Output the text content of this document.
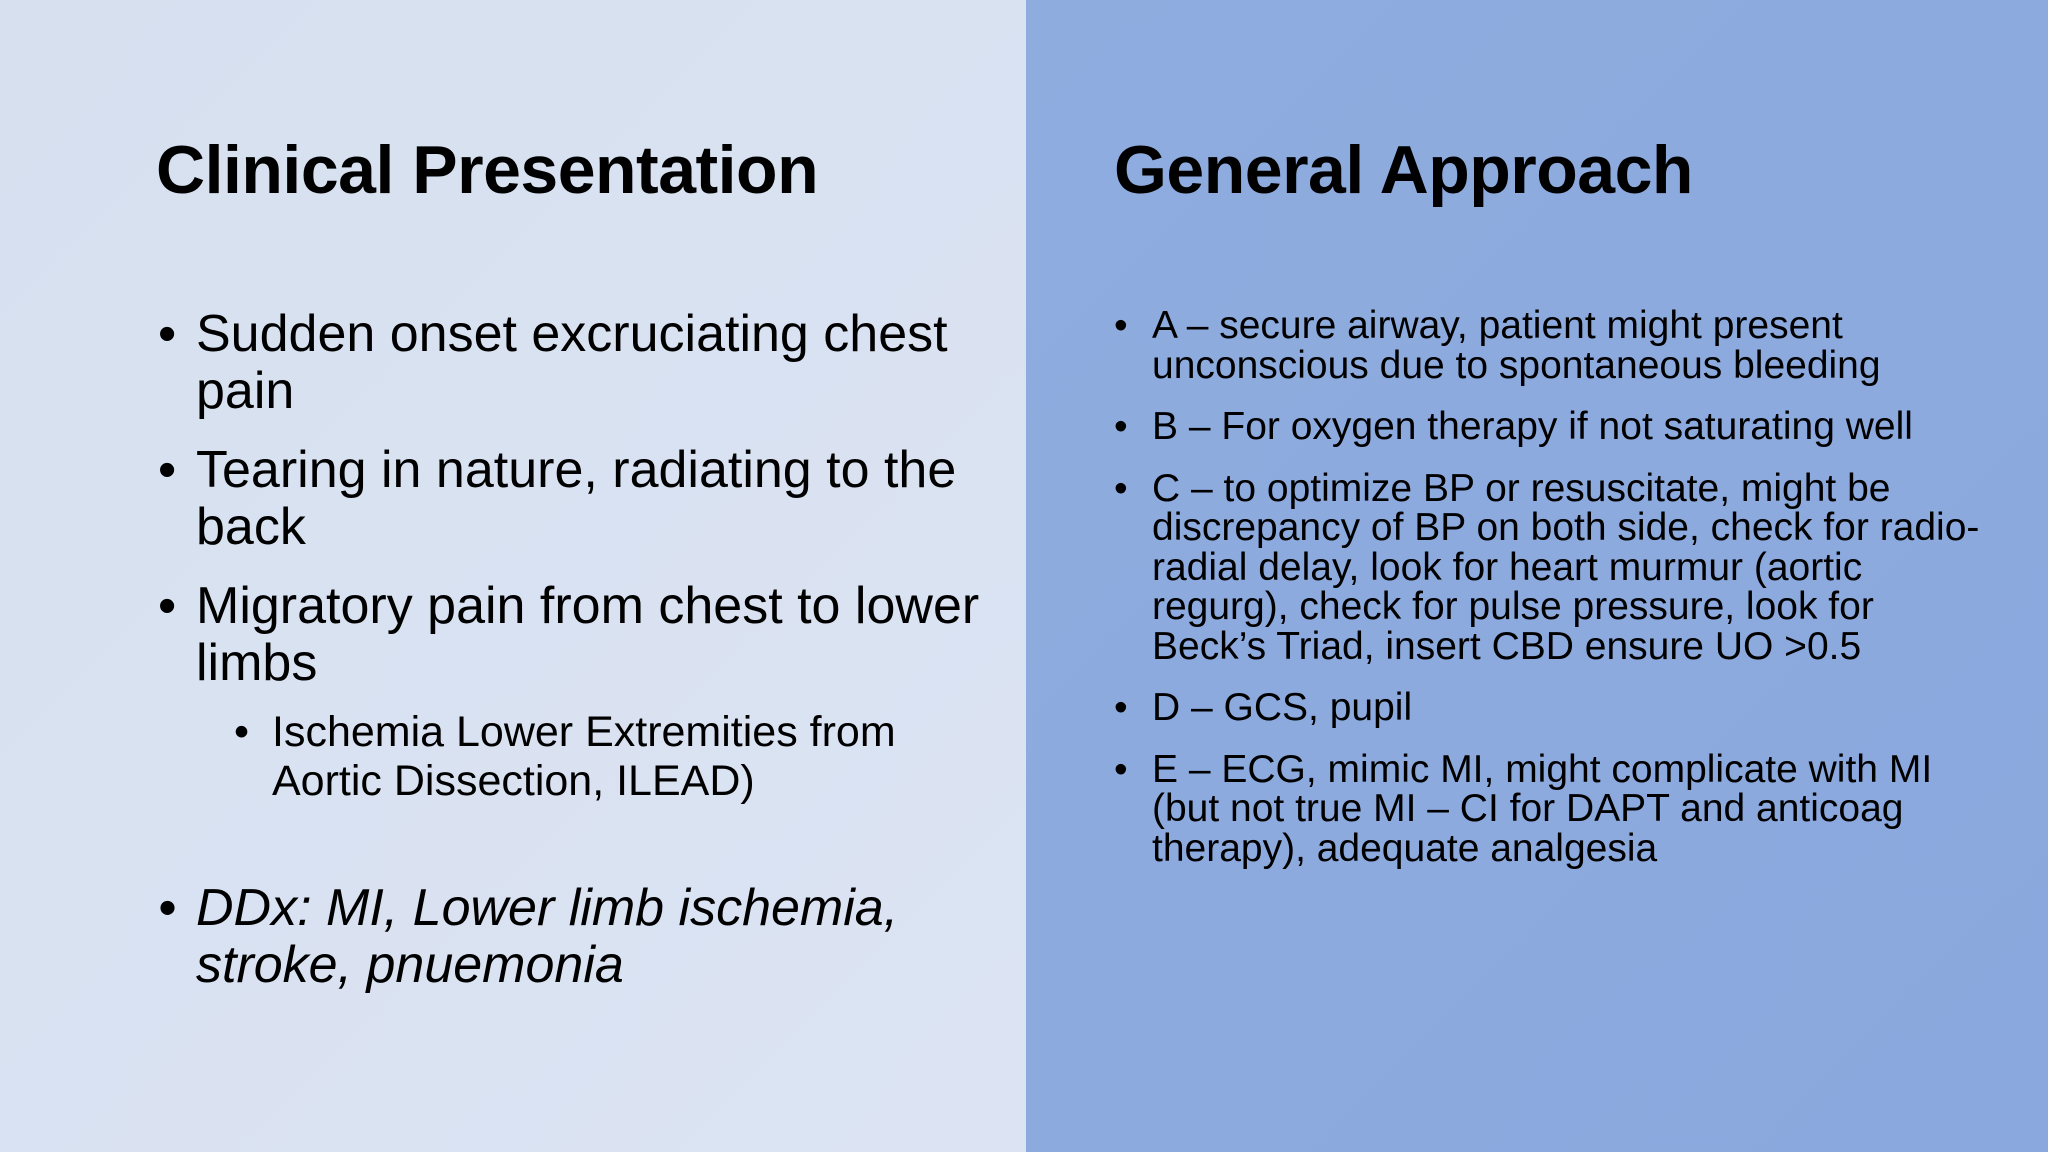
Clinical Presentation
• Sudden onset excruciating chest pain
• Tearing in nature, radiating to the back
• Migratory pain from chest to lower limbs
• Ischemia Lower Extremities from Aortic Dissection, ILEAD)
• DDx: MI, Lower limb ischemia, stroke, pnuemonia
General Approach
• A – secure airway, patient might present unconscious due to spontaneous bleeding
• B – For oxygen therapy if not saturating well
• C – to optimize BP or resuscitate, might be discrepancy of BP on both side, check for radio-radial delay, look for heart murmur (aortic regurg), check for pulse pressure, look for Beck’s Triad, insert CBD ensure UO >0.5
• D – GCS, pupil
• E – ECG, mimic MI, might complicate with MI (but not true MI – CI for DAPT and anticoag therapy), adequate analgesia
